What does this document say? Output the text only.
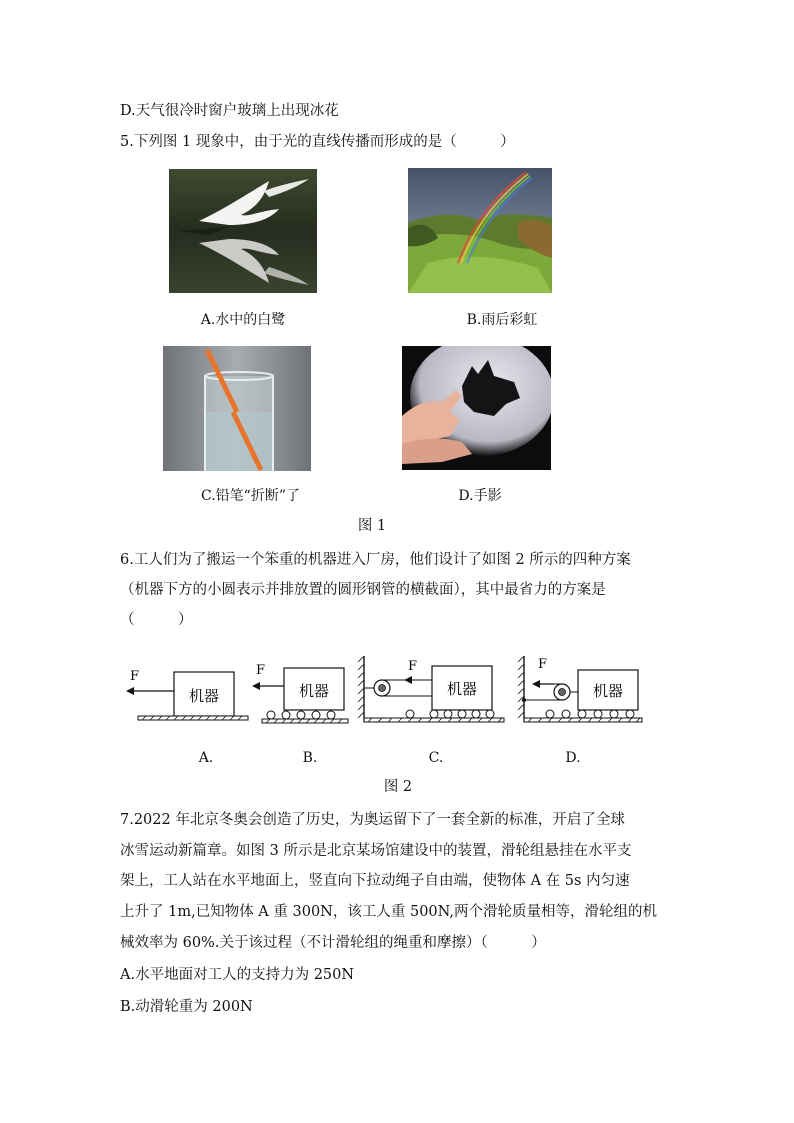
D.天气很冷时窗户玻璃上出现冰花
5.下列图 1 现象中，由于光的直线传播而形成的是（　　　）
A.水中的白鹭	B.雨后彩虹
C.铅笔“折断”了	D.手影
图 1
6.工人们为了搬运一个笨重的机器进入厂房，他们设计了如图 2 所示的四种方案
（机器下方的小圆表示并排放置的圆形钢管的横截面），其中最省力的方案是
（　　　）
F
机器
F
机器
F
机器
F
机器
A.	B.	C.	D.
图 2
7.2022 年北京冬奥会创造了历史，为奥运留下了一套全新的标准，开启了全球
冰雪运动新篇章。如图 3 所示是北京某场馆建设中的装置，滑轮组悬挂在水平支
架上，工人站在水平地面上，竖直向下拉动绳子自由端，使物体 A 在 5s 内匀速
上升了 1m,已知物体 A 重 300N，该工人重 500N,两个滑轮质量相等，滑轮组的机
械效率为 60%.关于该过程（不计滑轮组的绳重和摩擦）（　　　）
A.水平地面对工人的支持力为 250N
B.动滑轮重为 200N
